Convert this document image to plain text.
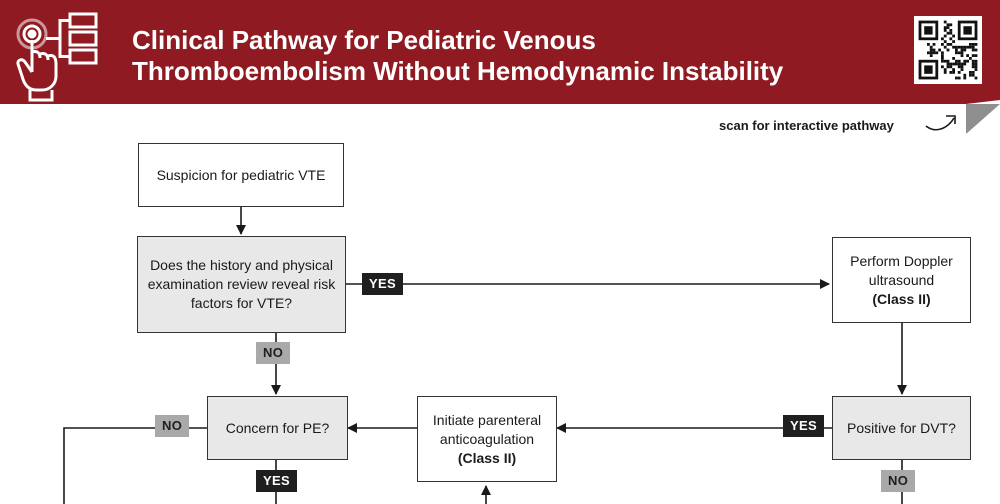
Clinical Pathway for Pediatric Venous
Thromboembolism Without Hemodynamic Instability
scan for interactive pathway
Suspicion for pediatric VTE
Does the history and physical examination review reveal risk factors for VTE?
Perform Doppler ultrasound
(Class II)
Positive for DVT?
Initiate parenteral anticoagulation
(Class II)
Concern for PE?
YES
NO
YES
NO
NO
YES
